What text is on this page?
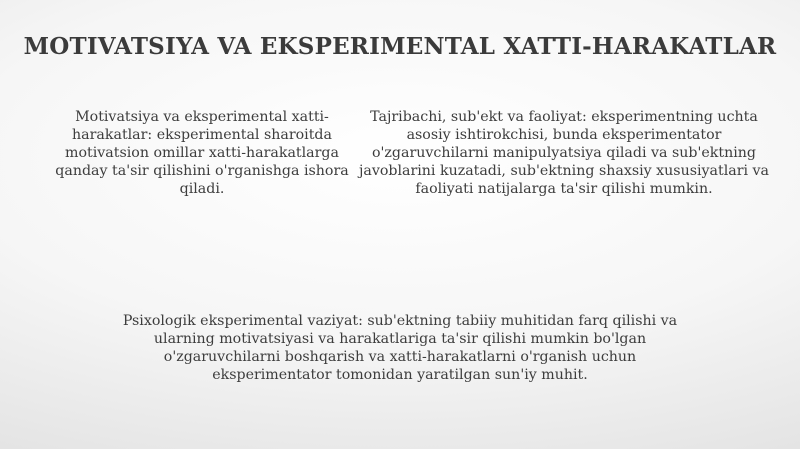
MOTIVATSIYA VA EKSPERIMENTAL XATTI-HARAKATLAR
Motivatsiya va eksperimental xatti-harakatlar: eksperimental sharoitda motivatsion omillar xatti-harakatlarga qanday ta'sir qilishini o'rganishga ishora qiladi.
Tajribachi, sub'ekt va faoliyat: eksperimentning uchta asosiy ishtirokchisi, bunda eksperimentator o'zgaruvchilarni manipulyatsiya qiladi va sub'ektning javoblarini kuzatadi, sub'ektning shaxsiy xususiyatlari va faoliyati natijalarga ta'sir qilishi mumkin.
Psixologik eksperimental vaziyat: sub'ektning tabiiy muhitidan farq qilishi va ularning motivatsiyasi va harakatlariga ta'sir qilishi mumkin bo'lgan o'zgaruvchilarni boshqarish va xatti-harakatlarni o'rganish uchun eksperimentator tomonidan yaratilgan sun'iy muhit.
